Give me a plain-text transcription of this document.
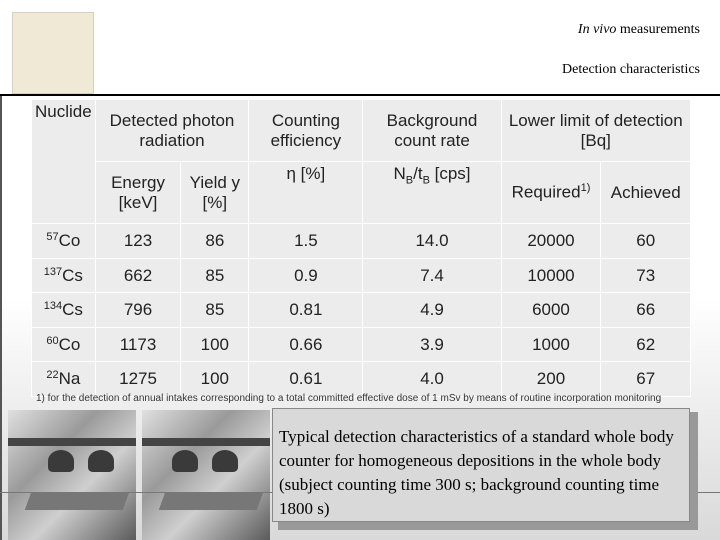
In vivo measurements
Detection characteristics
Nuclide	Detected photon radiation		Counting efficiency	Background count rate	Lower limit of detection [Bq]	
	Energy [keV]	Yield y [%]	η [%]	$N_B/t_B$ [cps]	Required$^{1)}$	Achieved
$^{57}$Co	123	86	1.5	14.0	20000	60
$^{137}$Cs	662	85	0.9	7.4	10000	73
$^{134}$Cs	796	85	0.81	4.9	6000	66
$^{60}$Co	1173	100	0.66	3.9	1000	62
$^{22}$Na	1275	100	0.61	4.0	200	67
1) for the detection of annual intakes corresponding to a total committed effective dose of 1 mSv by means of routine incorporation monitoring
Typical detection characteristics of a standard whole body counter for homogeneous depositions in the whole body (subject counting time 300 s; background counting time 1800 s)
